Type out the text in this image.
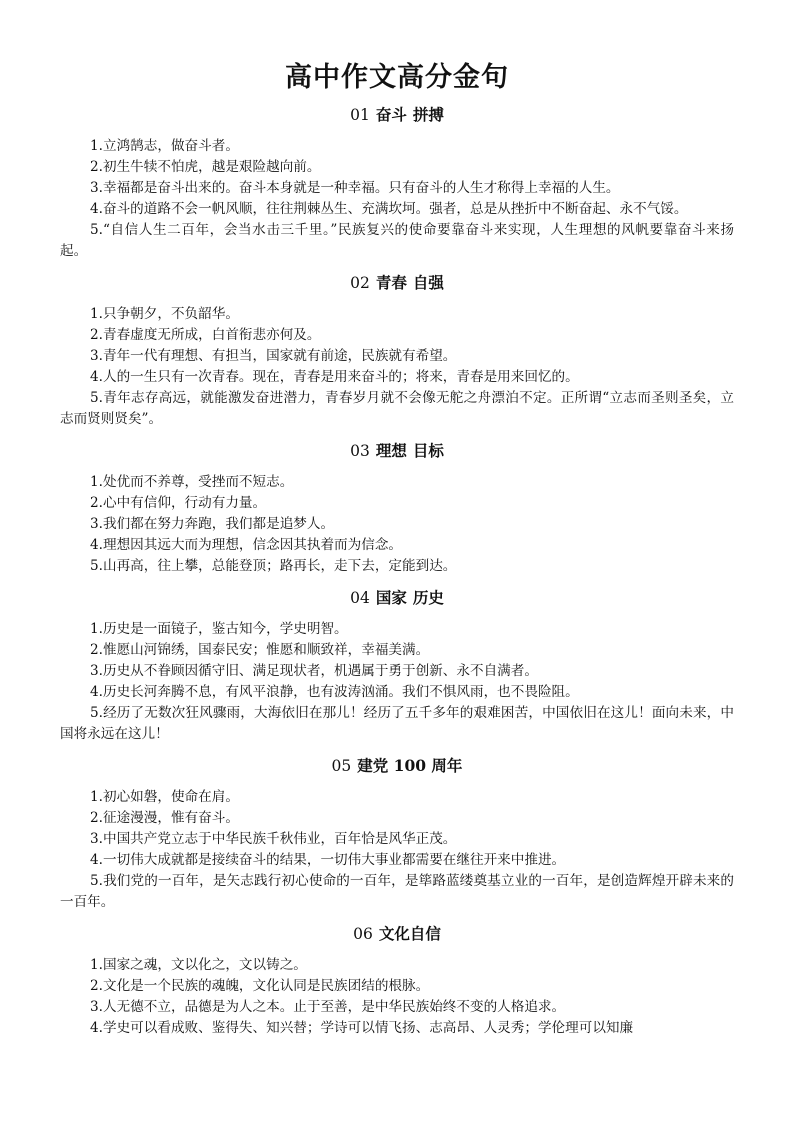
高中作文高分金句
01 奋斗 拼搏

1.立鸿鹄志，做奋斗者。

2.初生牛犊不怕虎，越是艰险越向前。

3.幸福都是奋斗出来的。奋斗本身就是一种幸福。只有奋斗的人生才称得上幸福的人生。

4.奋斗的道路不会一帆风顺，往往荆棘丛生、充满坎坷。强者，总是从挫折中不断奋起、永不气馁。

5.“自信人生二百年，会当水击三千里。”民族复兴的使命要靠奋斗来实现，人生理想的风帆要靠奋斗来扬起。

02 青春 自强

1.只争朝夕，不负韶华。

2.青春虚度无所成，白首衔悲亦何及。

3.青年一代有理想、有担当，国家就有前途，民族就有希望。

4.人的一生只有一次青春。现在，青春是用来奋斗的；将来，青春是用来回忆的。

5.青年志存高远，就能激发奋进潜力，青春岁月就不会像无舵之舟漂泊不定。正所谓“立志而圣则圣矣，立志而贤则贤矣”。

03 理想 目标

1.处优而不养尊，受挫而不短志。

2.心中有信仰，行动有力量。

3.我们都在努力奔跑，我们都是追梦人。

4.理想因其远大而为理想，信念因其执着而为信念。

5.山再高，往上攀，总能登顶；路再长，走下去，定能到达。

04 国家 历史

1.历史是一面镜子，鉴古知今，学史明智。

2.惟愿山河锦绣，国泰民安；惟愿和顺致祥，幸福美满。

3.历史从不眷顾因循守旧、满足现状者，机遇属于勇于创新、永不自满者。

4.历史长河奔腾不息，有风平浪静，也有波涛汹涌。我们不惧风雨，也不畏险阻。

5.经历了无数次狂风骤雨，大海依旧在那儿！经历了五千多年的艰难困苦，中国依旧在这儿！面向未来，中国将永远在这儿！

05 建党 100 周年

1.初心如磐，使命在肩。

2.征途漫漫，惟有奋斗。

3.中国共产党立志于中华民族千秋伟业，百年恰是风华正茂。

4.一切伟大成就都是接续奋斗的结果，一切伟大事业都需要在继往开来中推进。

5.我们党的一百年，是矢志践行初心使命的一百年，是筚路蓝缕奠基立业的一百年，是创造辉煌开辟未来的一百年。

06 文化自信

1.国家之魂，文以化之，文以铸之。

2.文化是一个民族的魂魄，文化认同是民族团结的根脉。

3.人无德不立，品德是为人之本。止于至善，是中华民族始终不变的人格追求。

4.学史可以看成败、鉴得失、知兴替；学诗可以情飞扬、志高昂、人灵秀；学伦理可以知廉
